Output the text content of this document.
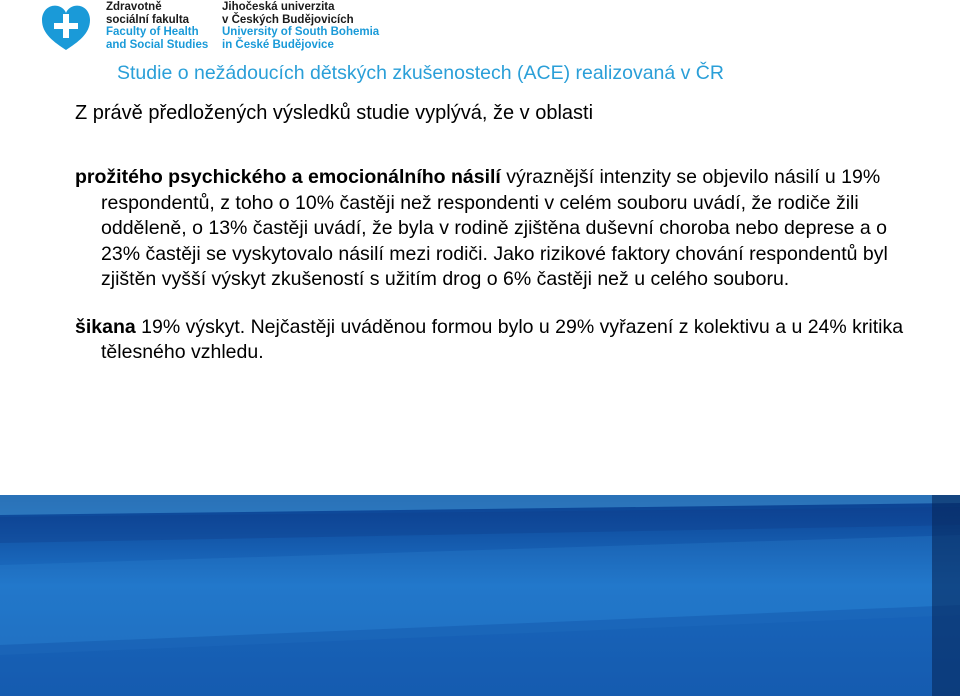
Zdravotně
sociální fakulta
Faculty of Health
and Social Studies
Jihočeská univerzita
v Českých Budějovicích
University of South Bohemia
in České Budějovice
Studie o nežádoucích dětských zkušenostech (ACE) realizovaná v ČR
Z právě předložených výsledků studie vyplývá, že v oblasti

prožitého psychického a emocionálního násilí výraznější intenzity se objevilo násilí u 19% respondentů, z toho o 10% častěji než respondenti v celém souboru uvádí, že rodiče žili odděleně, o 13% častěji uvádí, že byla v rodině zjištěna duševní choroba nebo deprese a o 23% častěji se vyskytovalo násilí mezi rodiči. Jako rizikové faktory chování respondentů byl zjištěn vyšší výskyt zkušeností s užitím drog o 6% častěji než u celého souboru.

šikana 19% výskyt. Nejčastěji uváděnou formou bylo u 29% vyřazení z kolektivu a u 24% kritika tělesného vzhledu.
